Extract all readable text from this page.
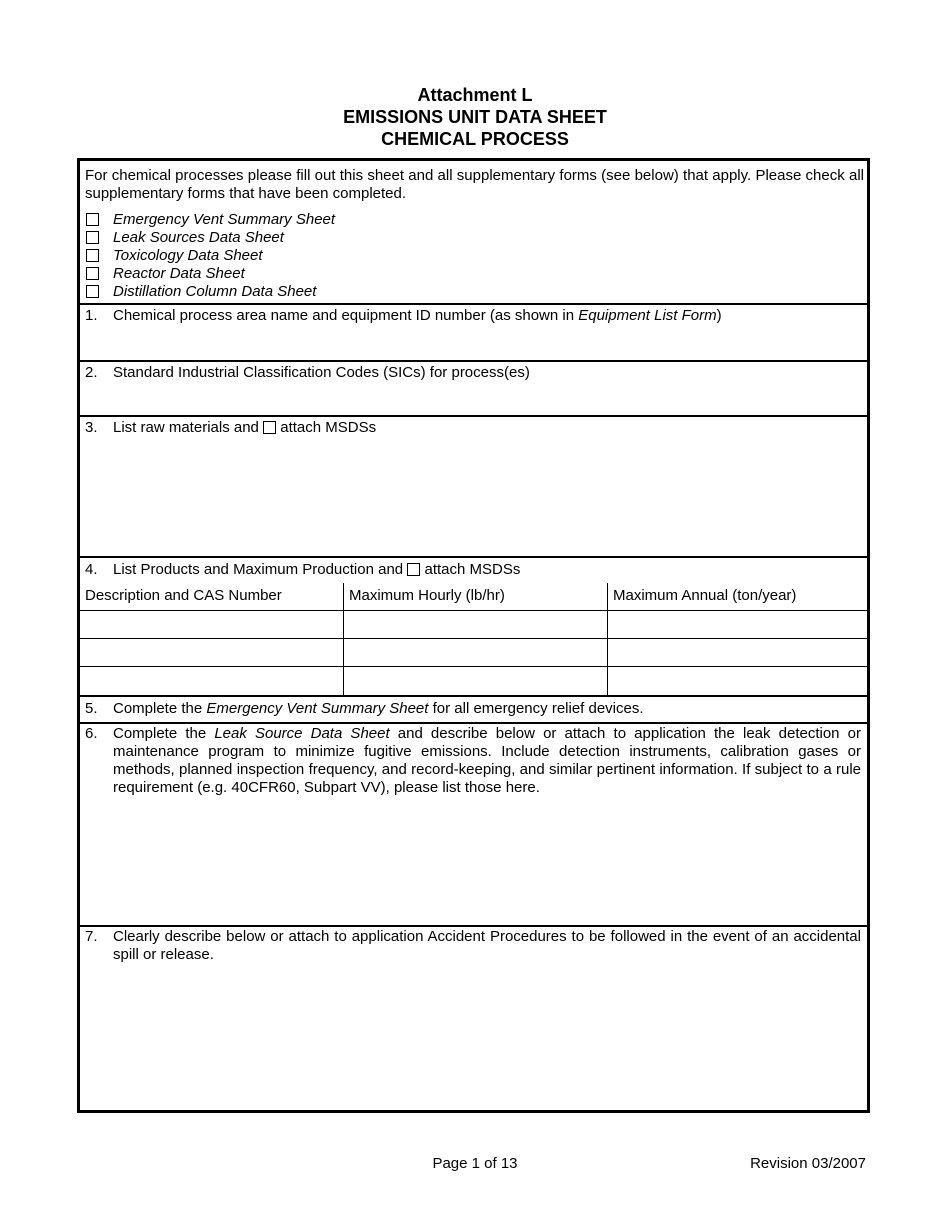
Attachment L
EMISSIONS UNIT DATA SHEET
CHEMICAL PROCESS
For chemical processes please fill out this sheet and all supplementary forms (see below) that apply. Please check all supplementary forms that have been completed.
Emergency Vent Summary Sheet
Leak Sources Data Sheet
Toxicology Data Sheet
Reactor Data Sheet
Distillation Column Data Sheet
1. Chemical process area name and equipment ID number (as shown in Equipment List Form)
2. Standard Industrial Classification Codes (SICs) for process(es)
3. List raw materials and attach MSDSs
4. List Products and Maximum Production and attach MSDSs
Description and CAS Number	Maximum Hourly (lb/hr)	Maximum Annual (ton/year)
5. Complete the Emergency Vent Summary Sheet for all emergency relief devices.
6. Complete the Leak Source Data Sheet and describe below or attach to application the leak detection or maintenance program to minimize fugitive emissions. Include detection instruments, calibration gases or methods, planned inspection frequency, and record-keeping, and similar pertinent information. If subject to a rule requirement (e.g. 40CFR60, Subpart VV), please list those here.
7. Clearly describe below or attach to application Accident Procedures to be followed in the event of an accidental spill or release.
Page 1 of 13	Revision 03/2007
